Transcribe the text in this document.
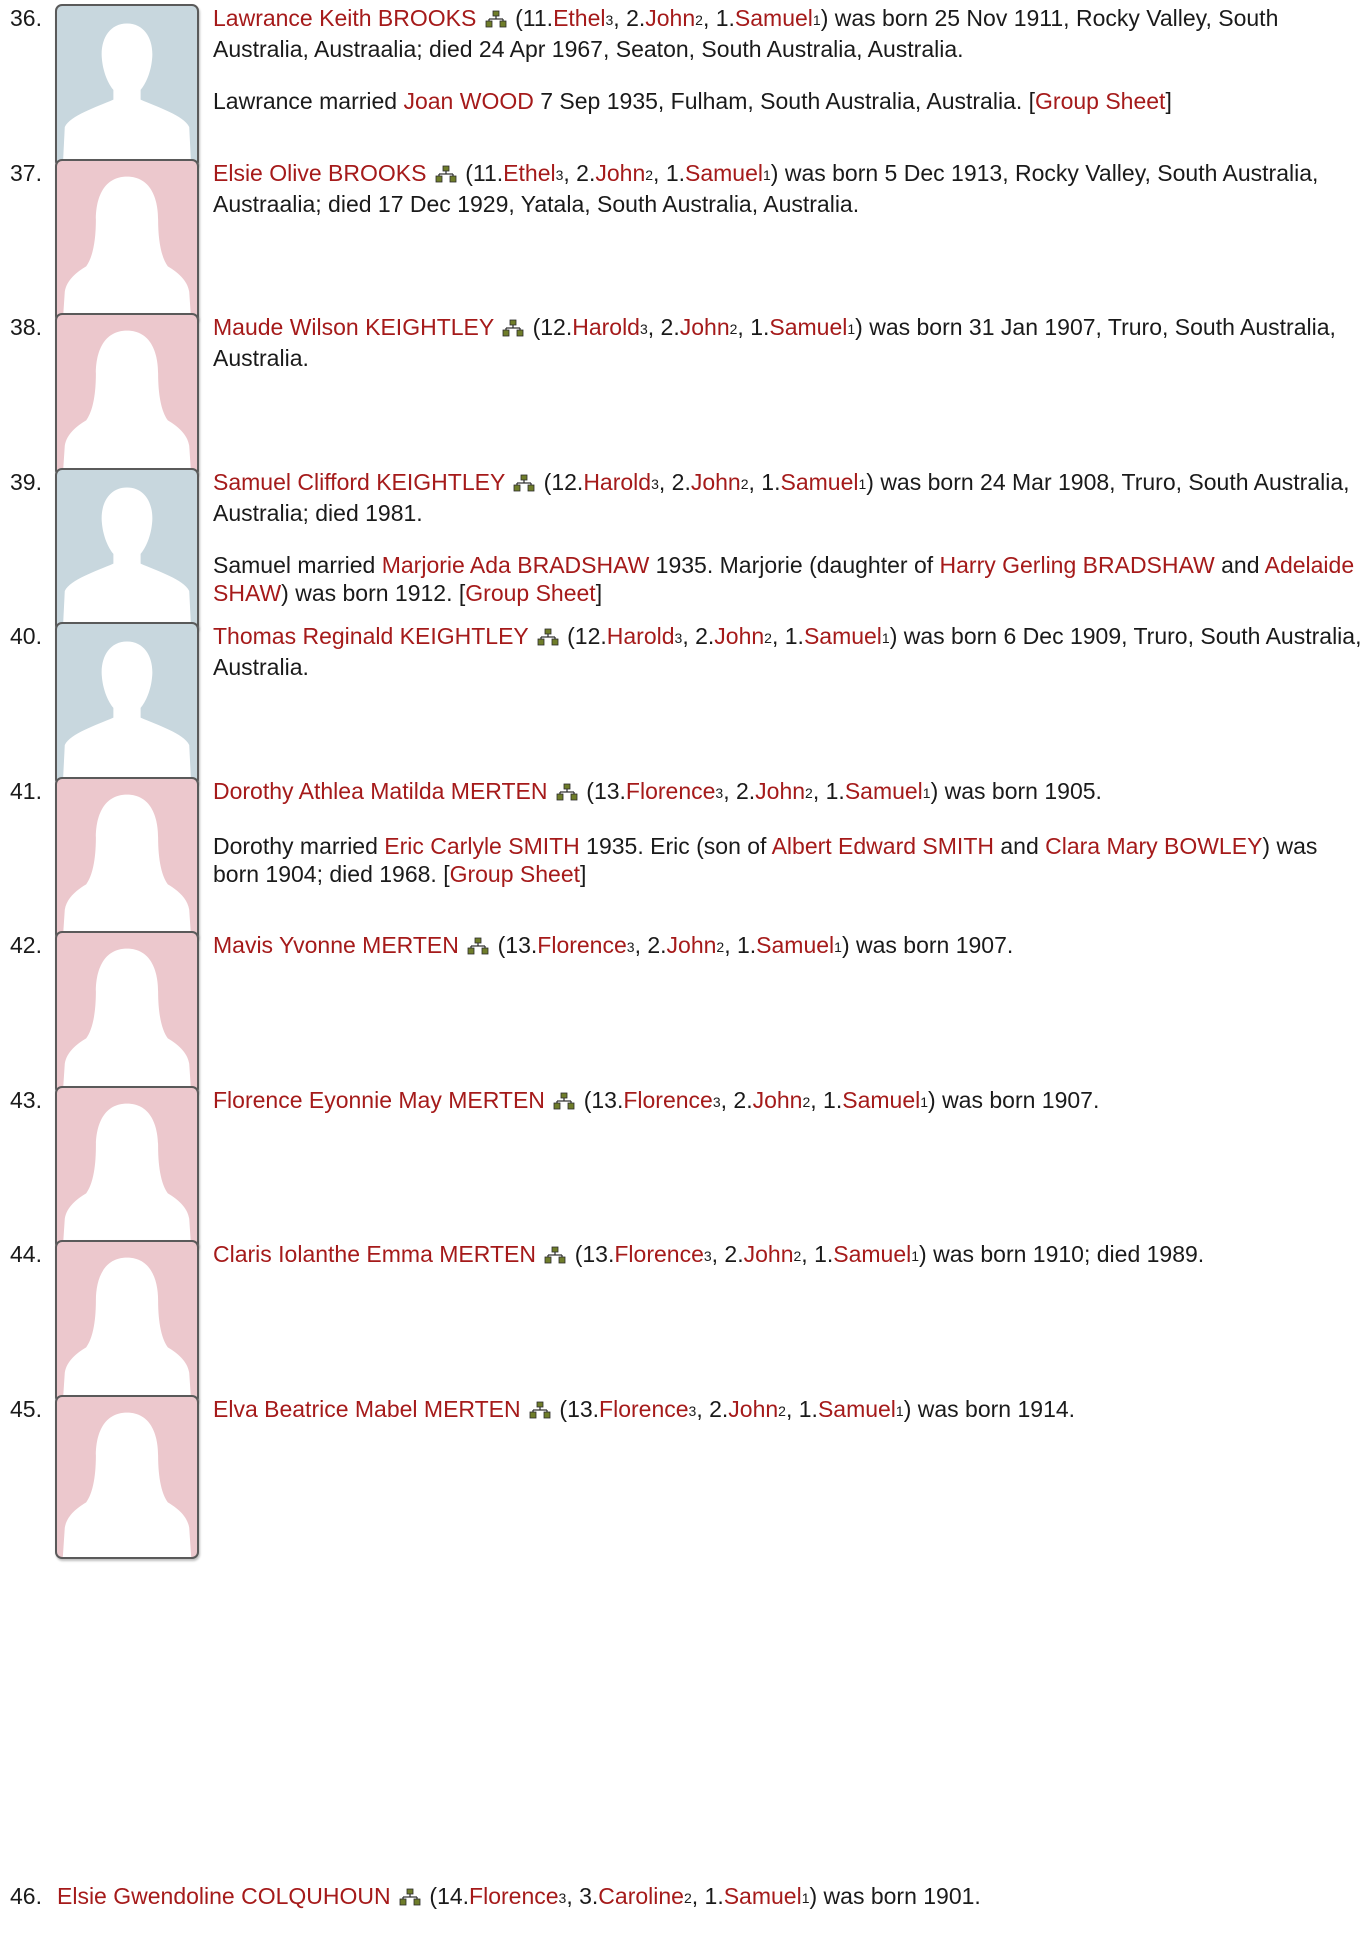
36.	Lawrance Keith BROOKS  (11.Ethel$^3$, 2.John$^2$, 1.Samuel$^1$) was born 25 Nov 1911, Rocky Valley, South Australia, Austraalia; died 24 Apr 1967, Seaton, South Australia, Australia.

Lawrance married Joan WOOD 7 Sep 1935, Fulham, South Australia, Australia. [Group Sheet]

37.	Elsie Olive BROOKS  (11.Ethel$^3$, 2.John$^2$, 1.Samuel$^1$) was born 5 Dec 1913, Rocky Valley, South Australia, Austraalia; died 17 Dec 1929, Yatala, South Australia, Australia.

38.	Maude Wilson KEIGHTLEY  (12.Harold$^3$, 2.John$^2$, 1.Samuel$^1$) was born 31 Jan 1907, Truro, South Australia, Australia.

39.	Samuel Clifford KEIGHTLEY  (12.Harold$^3$, 2.John$^2$, 1.Samuel$^1$) was born 24 Mar 1908, Truro, South Australia, Australia; died 1981.

Samuel married Marjorie Ada BRADSHAW 1935. Marjorie (daughter of Harry Gerling BRADSHAW and Adelaide SHAW) was born 1912. [Group Sheet]

40.	Thomas Reginald KEIGHTLEY  (12.Harold$^3$, 2.John$^2$, 1.Samuel$^1$) was born 6 Dec 1909, Truro, South Australia, Australia.

41.	Dorothy Athlea Matilda MERTEN  (13.Florence$^3$, 2.John$^2$, 1.Samuel$^1$) was born 1905.

Dorothy married Eric Carlyle SMITH 1935. Eric (son of Albert Edward SMITH and Clara Mary BOWLEY) was born 1904; died 1968. [Group Sheet]

42.	Mavis Yvonne MERTEN  (13.Florence$^3$, 2.John$^2$, 1.Samuel$^1$) was born 1907.

43.	Florence Eyonnie May MERTEN  (13.Florence$^3$, 2.John$^2$, 1.Samuel$^1$) was born 1907.

44.	Claris Iolanthe Emma MERTEN  (13.Florence$^3$, 2.John$^2$, 1.Samuel$^1$) was born 1910; died 1989.

45.	Elva Beatrice Mabel MERTEN  (13.Florence$^3$, 2.John$^2$, 1.Samuel$^1$) was born 1914.

46. Elsie Gwendoline COLQUHOUN  (14.Florence$^3$, 3.Caroline$^2$, 1.Samuel$^1$) was born 1901.
